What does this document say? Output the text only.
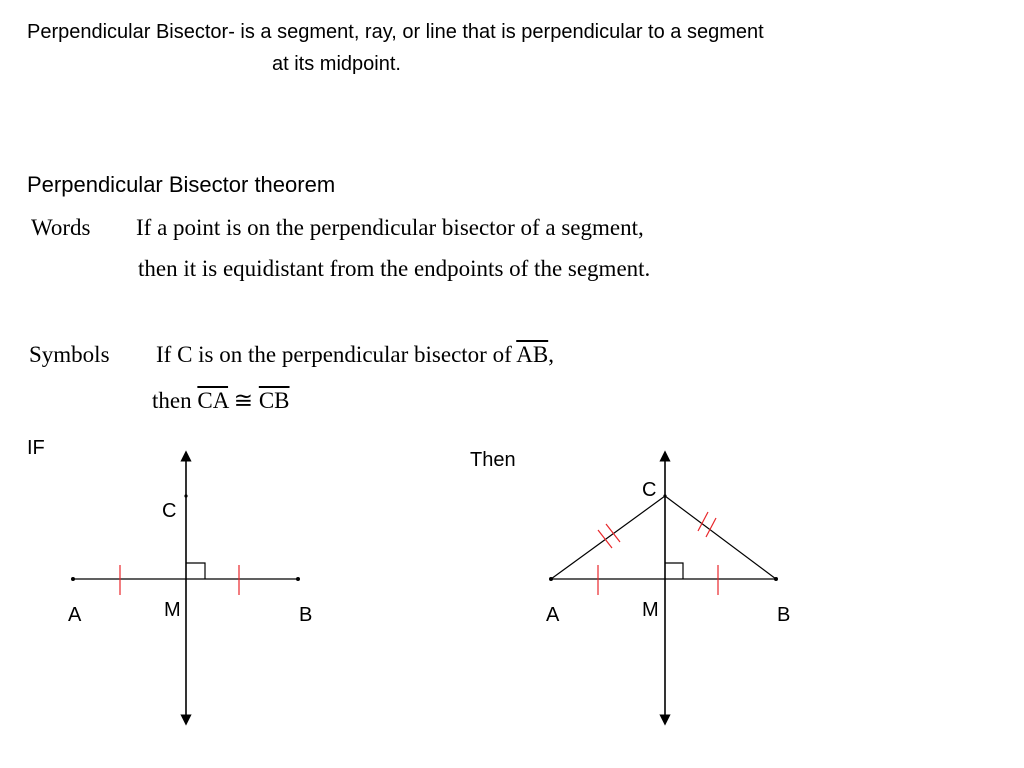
Perpendicular Bisector- is a segment, ray, or line that is perpendicular to a segment
at its midpoint.
Perpendicular Bisector theorem
Words If a point is on the perpendicular bisector of a segment,
then it is equidistant from the endpoints of the segment.
Symbols If C is on the perpendicular bisector of $\overline{AB}$,
then $\overline{CA}$ ≅ $\overline{CB}$
IF
Then
A	B
C
M	A	B
C
M
